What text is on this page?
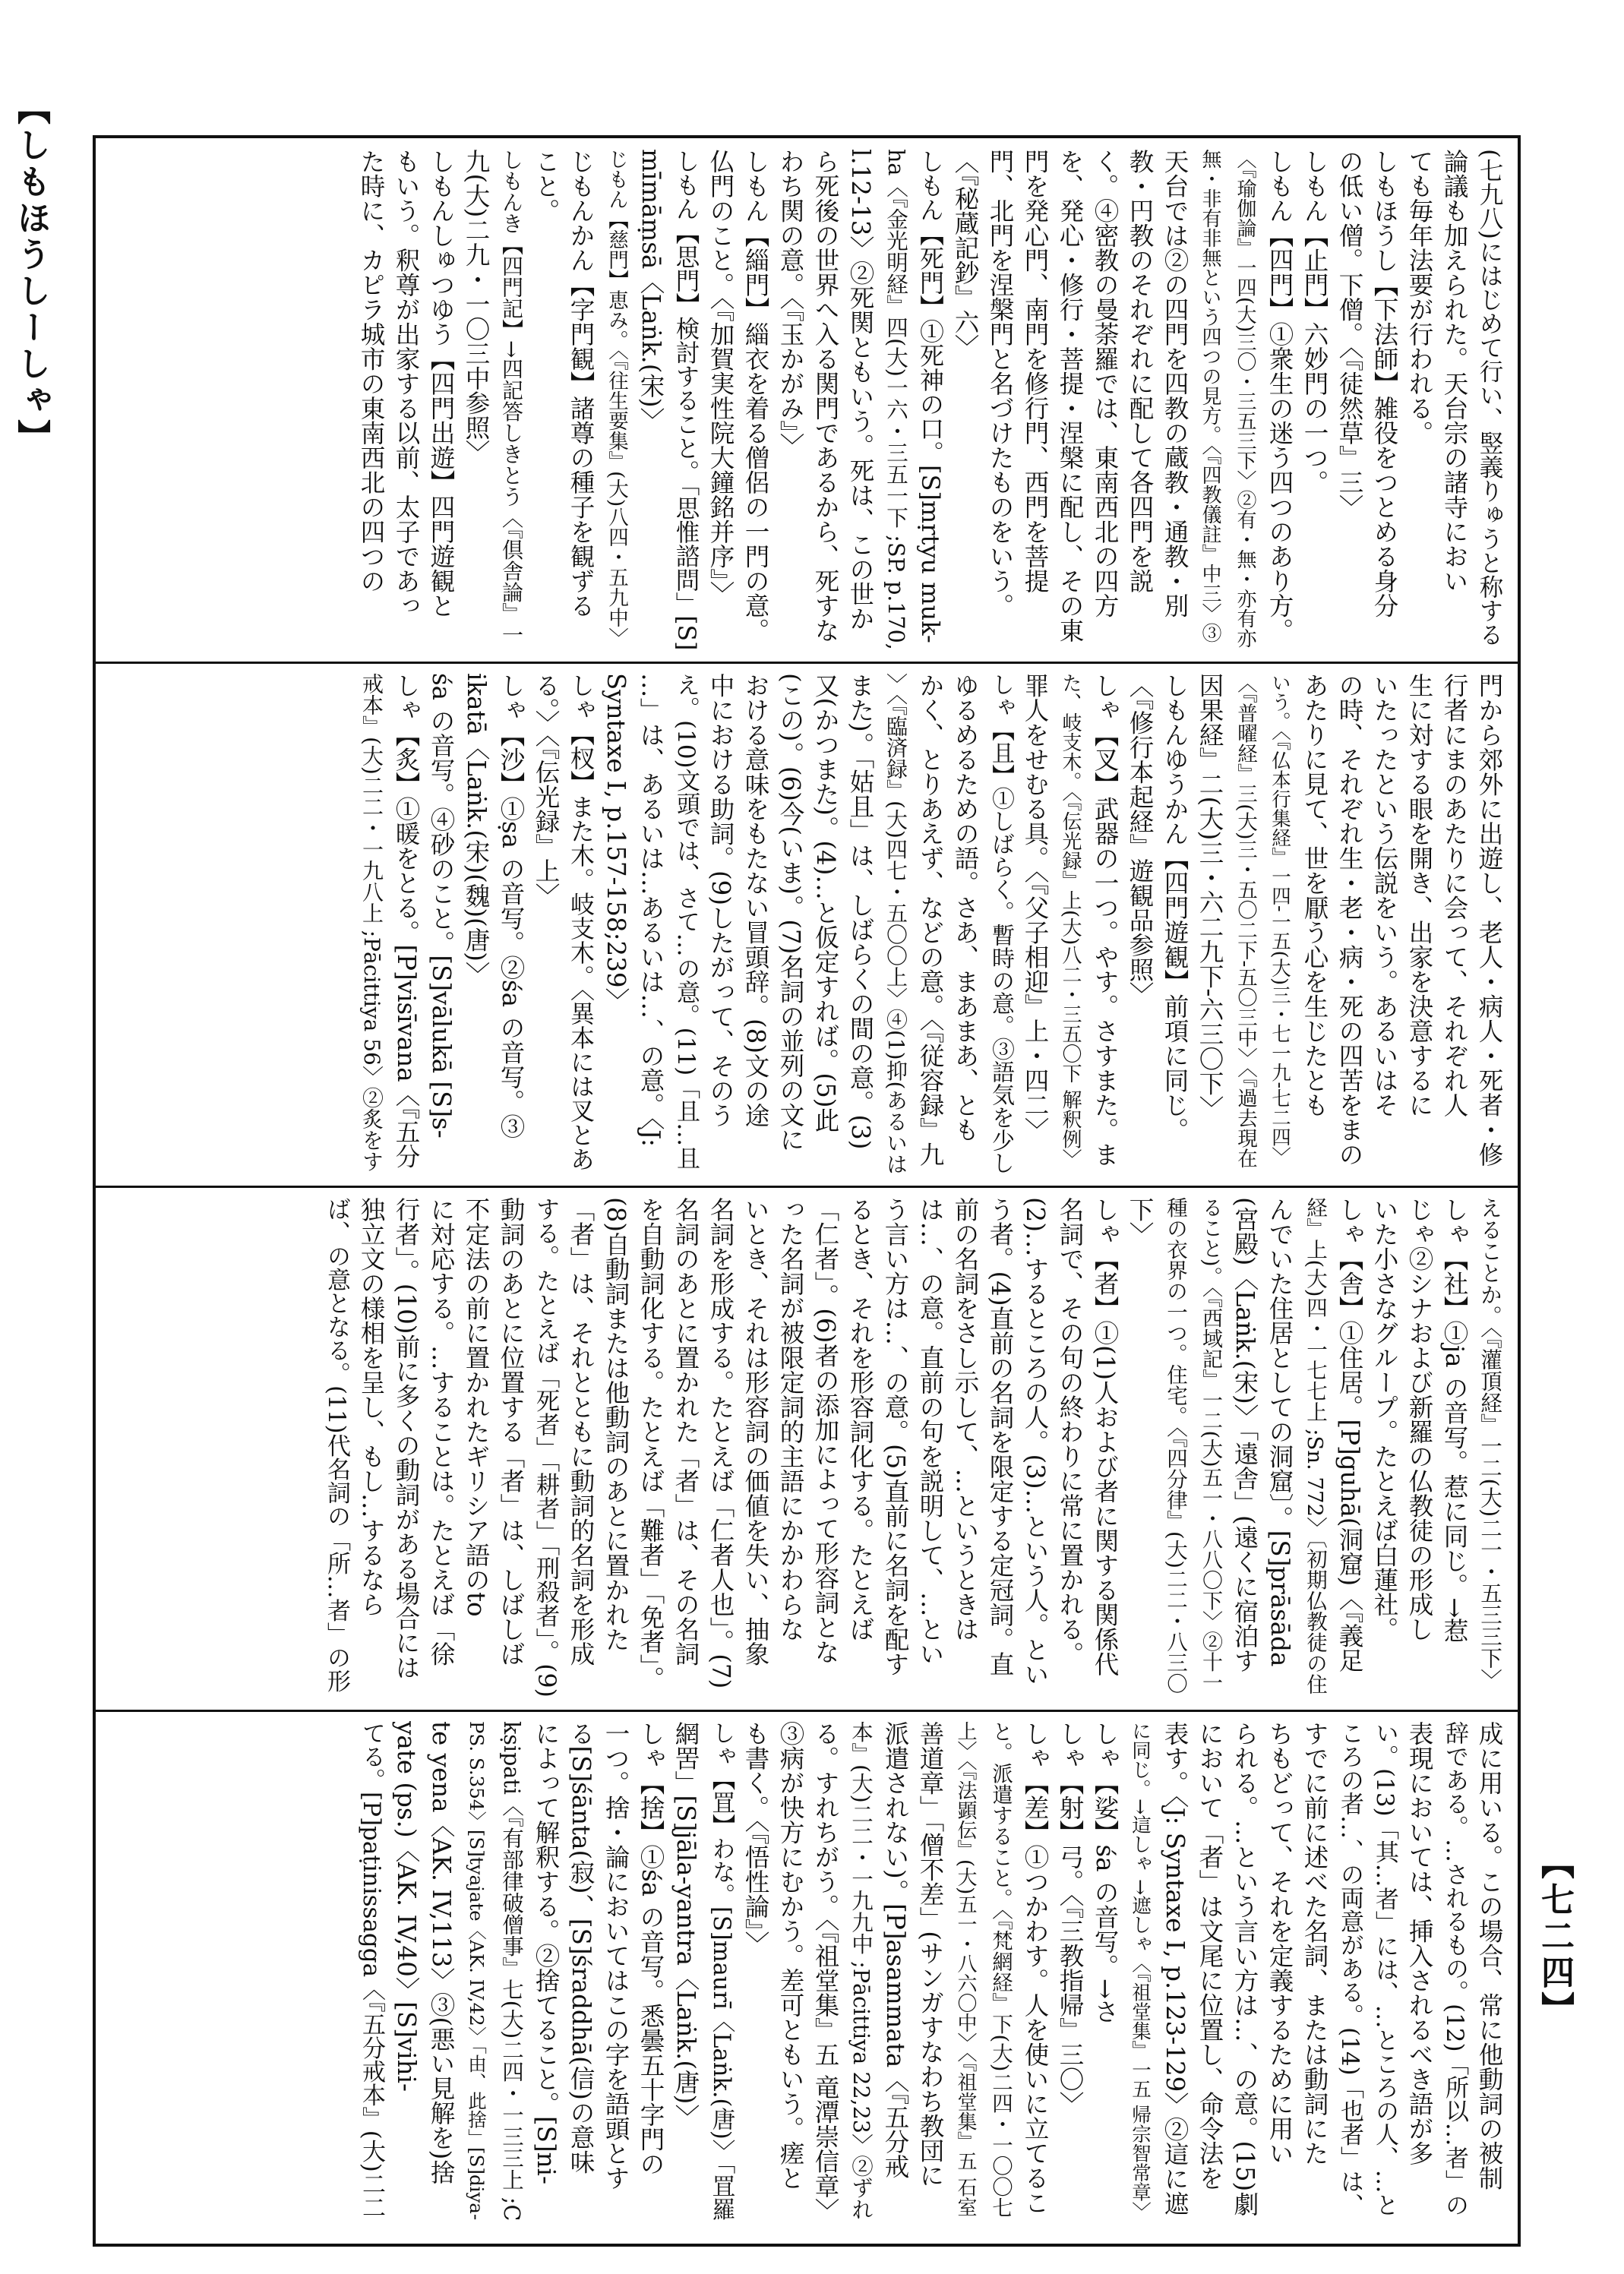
【しもほうしーしゃ】
【七二四】
(七九八)にはじめて行い、竪義りゅうと称する
論議も加えられた。天台宗の諸寺におい
ても毎年法要が行われる。
しもほうし【下法師】雑役をつとめる身分
の低い僧。下僧。〈『徒然草』三〉
しもん【止門】六妙門の一つ。
しもん【四門】①衆生の迷う四つのあり方。
〈『瑜伽論』一四(大)三〇・三五三下〉②有・無・亦有亦
無・非有非無という四つの見方。〈『四教儀註』中三〉③
天台では②の四門を四教の蔵教・通教・別
教・円教のそれぞれに配して各四門を説
く。④密教の曼荼羅では、東南西北の四方
を、発心・修行・菩提・涅槃に配し、その東
門を発心門、南門を修行門、西門を菩提
門、北門を涅槃門と名づけたものをいう。
〈『秘蔵記鈔』六〉
しもん【死門】①死神の口。[S]mṛtyu muk-
ha〈『金光明経』四(大)一六・三五一下 ;SP. p.170,
l.12-13〉②死関ともいう。死は、この世か
ら死後の世界へ入る関門であるから、死すな
わち関の意。〈『玉かがみ』〉
しもん【緇門】緇衣を着る僧侶の一門の意。
仏門のこと。〈『加賀実性院大鐘銘并序』〉
しもん【思門】検討すること。「思惟諮問」[S]
mīmāṃsā〈Laṅk.(宋)〉
じもん【慈門】恵み。〈『往生要集』(大)八四・五九中〉
じもんかん【字門観】諸尊の種子を観ずる
こと。
しもんき【四門記】→四記答しきとう〈『倶舎論』一
九(大)二九・一〇三中参照〉
しもんしゅつゆう【四門出遊】四門遊観と
もいう。釈尊が出家する以前、太子であっ
た時に、カピラ城市の東南西北の四つの
門から郊外に出遊し、老人・病人・死者・修
行者にまのあたりに会って、それぞれ人
生に対する眼を開き、出家を決意するに
いたったという伝説をいう。あるいはそ
の時、それぞれ生・老・病・死の四苦をまの
あたりに見て、世を厭う心を生じたとも
いう。〈『仏本行集経』一四-一五(大)三・七一九-七二四〉
〈『普曜経』三(大)三・五〇二下-五〇三中〉〈『過去現在
因果経』二(大)三・六二九下-六三〇下〉
しもんゆうかん【四門遊観】前項に同じ。
〈『修行本起経』遊観品参照〉
しゃ【叉】武器の一つ。やす。さすまた。ま
た、岐支木。〈『伝光録』上(大)八二・三五〇下 解釈例〉
罪人をせむる具。〈『父子相迎』上・四二〉
しゃ【且】①しばらく。暫時の意。③語気を少し
ゆるめるための語。さあ、まあまあ、とも
かく、とりあえず、などの意。〈『従容録』九
〉〈『臨済録』(大)四七・五〇〇上〉④(1)抑(あるいは
また)。「姑且」は、しばらくの間の意。(3)
又(かつまた)。(4)…と仮定すれば。(5)此
(この)。(6)今(いま)。(7)名詞の並列の文に
おける意味をもたない冒頭辞。(8)文の途
中における助詞。(9)したがって、そのう
え。(10)文頭では、さて…の意。(11)「且…且
…」は、あるいは…あるいは…、の意。〈J:
Syntaxe I, p.157-158;239〉
しゃ【杈】また木。岐支木。〈異本には叉とあ
る。〉〈『伝光録』上〉
しゃ【沙】①ṣa の音写。②śa の音写。③
ikatā〈Laṅk.(宋)(魏)(唐)〉
śa の音写。④砂のこと。[S]vālukā [S]s-
しゃ【炙】①暖をとる。[P]visīvana〈『五分
戒本』(大)二二・一九八上 ;Pācittiya 56〉②炙をす
えることか。〈『灌頂経』一二(大)二一・五三三下〉
しゃ【社】①ja の音写。惹に同じ。→惹
じゃ②シナおよび新羅の仏教徒の形成し
いた小さなグループ。たとえば白蓮社。
しゃ【舎】①住居。[P]guhā(洞窟)〈『義足
経』上(大)四・一七七上 ;Sn. 772〉〔初期仏教徒の住
んでいた住居としての洞窟〕。[S]prāsāda
(宮殿)〈Laṅk.(宋)〉「遠舎」(遠くに宿泊す
ること)。〈『西域記』一二(大)五一・八八〇下〉②十一
種の衣界の一つ。住宅。〈『四分律』(大)二二・八三〇
下〉
しゃ【者】①(1)人および者に関する関係代
名詞で、その句の終わりに常に置かれる。
(2)…するところの人。(3)…という人。とい
う者。(4)直前の名詞を限定する定冠詞。直
前の名詞をさし示して、…というときは
は…、の意。直前の句を説明して、…とい
う言い方は…、の意。(5)直前に名詞を配す
るとき、それを形容詞化する。たとえば
「仁者」。(6)者の添加によって形容詞とな
った名詞が被限定詞的主語にかかわらな
いとき、それは形容詞の価値を失い、抽象
名詞を形成する。たとえば「仁者人也」。(7)
名詞のあとに置かれた「者」は、その名詞
を自動詞化する。たとえば「難者」「免者」。
(8)自動詞または他動詞のあとに置かれた
「者」は、それとともに動詞的名詞を形成
する。たとえば「死者」「耕者」「刑殺者」。(9)
動詞のあとに位置する「者」は、しばしば
不定法の前に置かれたギリシア語のto
に対応する。…することは。たとえば「徐
行者」。(10)前に多くの動詞がある場合には
独立文の様相を呈し、もし…するなら
ば、の意となる。(11)代名詞の「所…者」の形
成に用いる。この場合、常に他動詞の被制
辞である。…されるもの。(12)「所以…者」の
表現においては、挿入されるべき語が多
い。(13)「其…者」には、…ところの人、…と
ころの者…、の両意がある。(14)「也者」は、
すでに前に述べた名詞、または動詞にた
ちもどって、それを定義するために用い
られる。…という言い方は…、の意。(15)劇
において「者」は文尾に位置し、命令法を
表す。〈J: Syntaxe I, p.123-129〉②這に遮
に同じ。→這しゃ →遮しゃ〈『祖堂集』一五 帰宗智常章〉
しゃ【娑】śa の音写。→さ
しゃ【射】弓。〈『三教指帰』三〇〉
しゃ【差】①つかわす。人を使いに立てるこ
と。派遣すること。〈『梵網経』下(大)二四・一〇〇七
上〉〈『法顕伝』(大)五一・八六〇中〉〈『祖堂集』五 石室
善道章」「僧不差」(サンガすなわち教団に
派遣されない)。[P]asammata〈『五分戒
本』(大)二二・一九九中 ;Pācittiya 22,23〉②ずれ
る。すれちがう。〈『祖堂集』五 竜潭崇信章〉
③病が快方にむかう。差可ともいう。瘥と
も書く。〈『悟性論』〉
しゃ【罝】わな。[S]maurī〈Laṅk.(唐)〉「罝羅
網罟」[S]jāla-yantra〈Laṅk.(唐)〉
しゃ【捨】①śa の音写。悉曇五十字門の
一つ。捨・論においてはこの字を語頭とす
る[S]śānta(寂)、[S]śraddhā(信)の意味
によって解釈する。②捨てること。[S]ni-
kṣipati〈『有部律破僧事』七(大)二四・一三三上 ;C
PS. S.354〉[S]tyajate〈AK. IV,42〉「由、此捨」[S]diya-
te yena〈AK. IV,113〉③(悪い見解を)捨
yate (ps.)〈AK. IV,40〉[S]vihi-
てる。[P]paṭinissagga〈『五分戒本』(大)二二
